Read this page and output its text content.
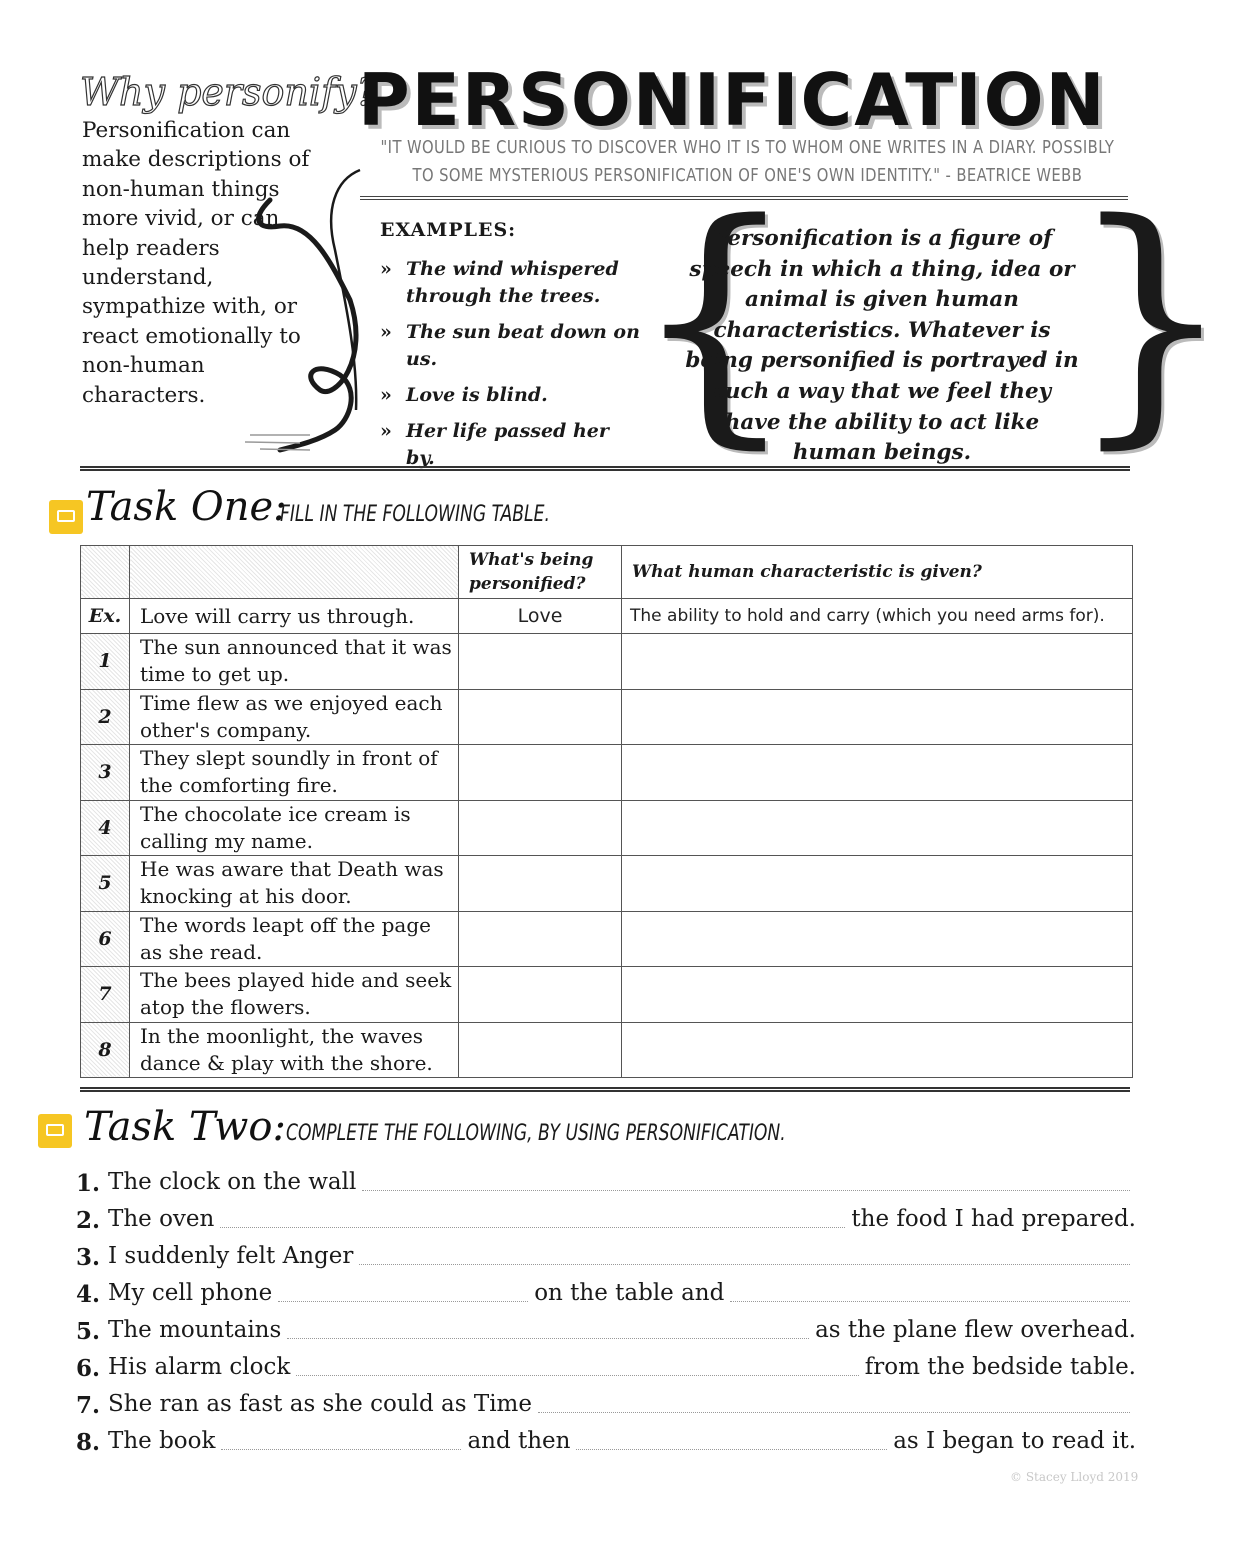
Why personify?
Personification can make descriptions of non-human things more vivid, or can help readers understand, sympathize with, or react emotionally to non-human characters.
PERSONIFICATION
"IT WOULD BE CURIOUS TO DISCOVER WHO IT IS TO WHOM ONE WRITES IN A DIARY. POSSIBLY
TO SOME MYSTERIOUS PERSONIFICATION OF ONE'S OWN IDENTITY." - BEATRICE WEBB
EXAMPLES:
» The wind whispered through the trees.
» The sun beat down on us.
» Love is blind.
» Her life passed her by. {
Personification is a figure of speech in which a thing, idea or animal is given human characteristics. Whatever is being personified is portrayed in such a way that we feel they have the ability to act like human beings. }
Task One:
FILL IN THE FOLLOWING TABLE.
		What's being personified?	What human characteristic is given?
Ex.	Love will carry us through.	Love	The ability to hold and carry (which you need arms for).
1	The sun announced that it was time to get up.		
2	Time flew as we enjoyed each other's company.		
3	They slept soundly in front of the comforting fire.		
4	The chocolate ice cream is calling my name.		
5	He was aware that Death was knocking at his door.		
6	The words leapt off the page as she read.		
7	The bees played hide and seek atop the flowers.		
8	In the moonlight, the waves dance & play with the shore.		
Task Two: COMPLETE THE FOLLOWING, BY USING PERSONIFICATION.
1. The clock on the wall
2. The oven	the food I had prepared.
3. I suddenly felt Anger
4. My cell phone	on the table and
5. The mountains	as the plane flew overhead.
6. His alarm clock	from the bedside table.
7. She ran as fast as she could as Time
8. The book	and then	as I began to read it.
© Stacey Lloyd 2019
